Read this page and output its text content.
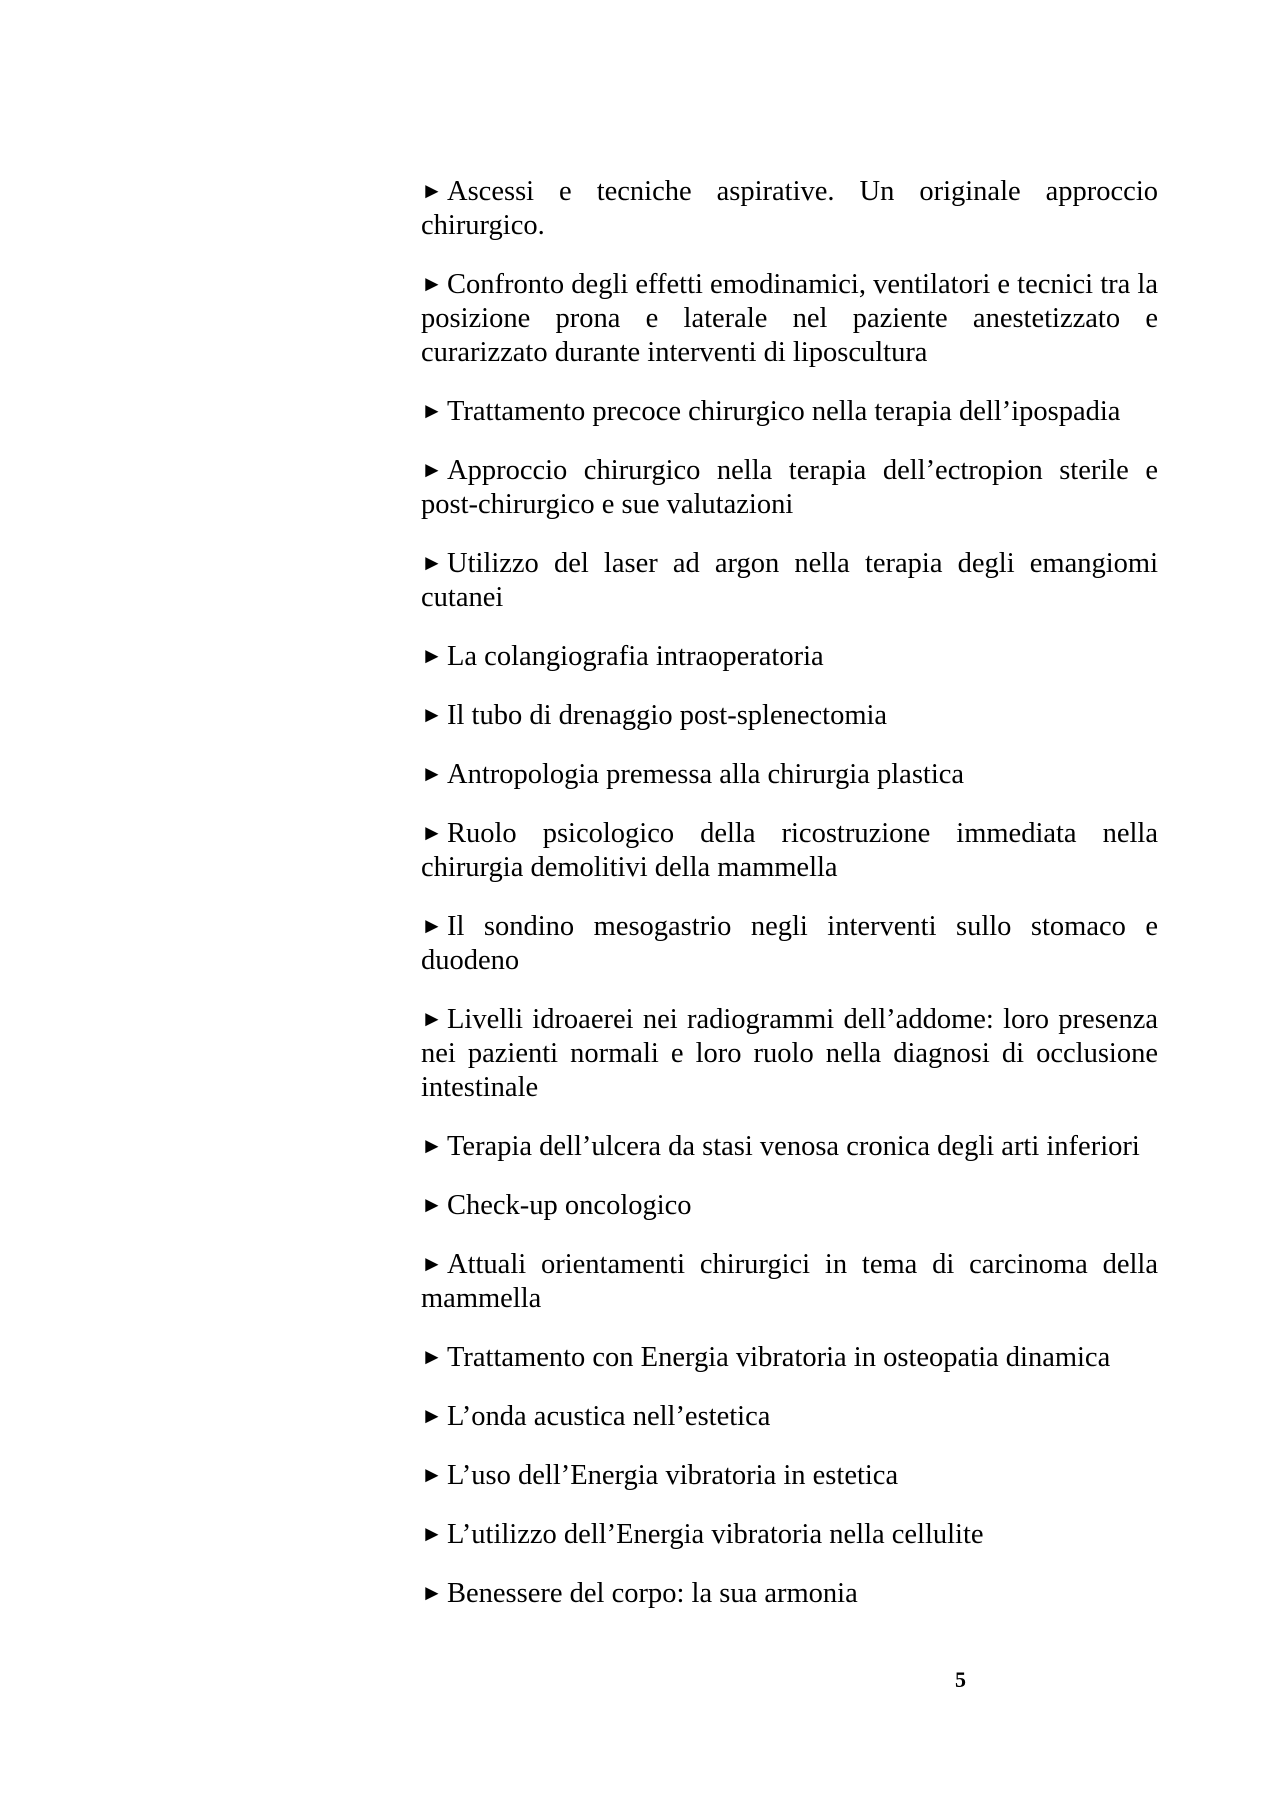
► Ascessi e tecniche aspirative. Un originale approccio chirurgico.
► Confronto degli effetti emodinamici, ventilatori e tecnici tra la posizione prona e laterale nel paziente anestetizzato e curarizzato durante interventi di liposcultura
► Trattamento precoce chirurgico nella terapia dell’ipospadia
► Approccio chirurgico nella terapia dell’ectropion sterile e post-chirurgico e sue valutazioni
► Utilizzo del laser ad argon nella terapia degli emangiomi cutanei
► La colangiografia intraoperatoria
► Il tubo di drenaggio post-splenectomia
► Antropologia premessa alla chirurgia plastica
► Ruolo psicologico della ricostruzione immediata nella chirurgia demolitivi della mammella
► Il sondino mesogastrio negli interventi sullo stomaco e duodeno
► Livelli idroaerei nei radiogrammi dell’addome: loro presenza nei pazienti normali e loro ruolo nella diagnosi di occlusione intestinale
► Terapia dell’ulcera da stasi venosa cronica degli arti inferiori
► Check-up oncologico
► Attuali orientamenti chirurgici in tema di carcinoma della mammella
► Trattamento con Energia vibratoria in osteopatia dinamica
► L’onda acustica nell’estetica
► L’uso dell’Energia vibratoria in estetica
► L’utilizzo dell’Energia vibratoria nella cellulite
► Benessere del corpo: la sua armonia
5
